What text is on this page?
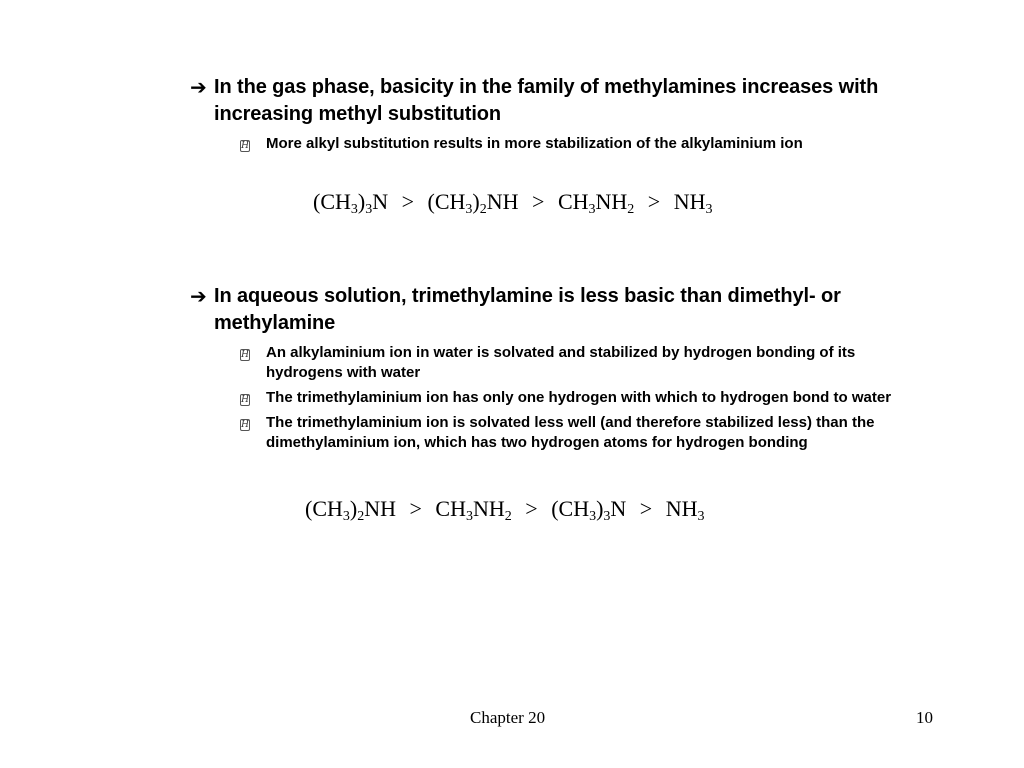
➔ In the gas phase, basicity in the family of methylamines increases with increasing methyl substitution
H	More alkyl substitution results in more stabilization of the alkylaminium ion
$(CH_3)_3N > (CH_3)_2NH > CH_3NH_2 > NH_3$
➔ In aqueous solution, trimethylamine is less basic than dimethyl- or methylamine
H	An alkylaminium ion in water is solvated and stabilized by hydrogen bonding of its hydrogens with water
H	The trimethylaminium ion has only one hydrogen with which to hydrogen bond to water
H	The trimethylaminium ion is solvated less well (and therefore stabilized less) than the dimethylaminium ion, which has two hydrogen atoms for hydrogen bonding
$(CH_3)_2NH > CH_3NH_2 > (CH_3)_3N > NH_3$
Chapter 20	10
